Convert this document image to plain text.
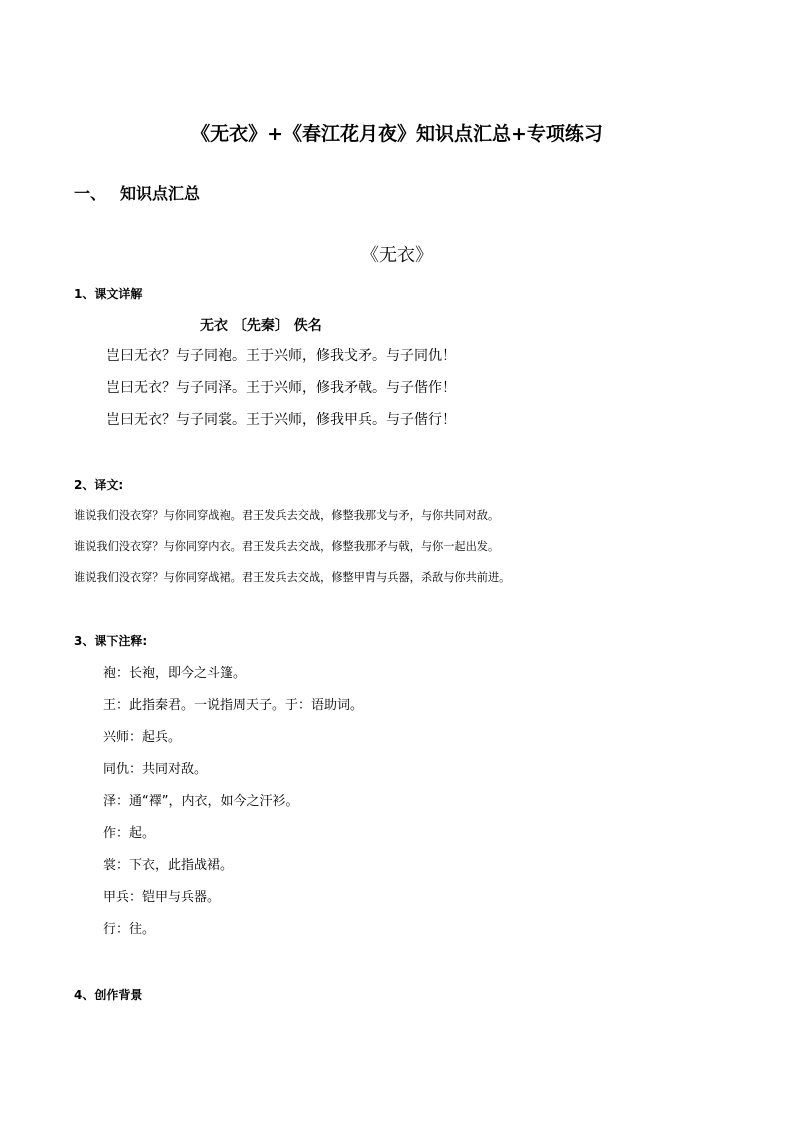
《无衣》+《春江花月夜》知识点汇总+专项练习
一、 知识点汇总
《无衣》
1、课文详解
无衣 〔先秦〕 佚名
岂曰无衣？与子同袍。王于兴师，修我戈矛。与子同仇！
岂曰无衣？与子同泽。王于兴师，修我矛戟。与子偕作！
岂曰无衣？与子同裳。王于兴师，修我甲兵。与子偕行！
2、译文:
谁说我们没衣穿？与你同穿战袍。君王发兵去交战，修整我那戈与矛，与你共同对敌。
谁说我们没衣穿？与你同穿内衣。君王发兵去交战，修整我那矛与戟，与你一起出发。
谁说我们没衣穿？与你同穿战裙。君王发兵去交战，修整甲胄与兵器，杀敌与你共前进。
3、课下注释:
袍：长袍，即今之斗篷。
王：此指秦君。一说指周天子。于：语助词。
兴师：起兵。
同仇：共同对敌。
泽：通“襗”，内衣，如今之汗衫。
作：起。
裳：下衣，此指战裙。
甲兵：铠甲与兵器。
行：往。
4、创作背景
